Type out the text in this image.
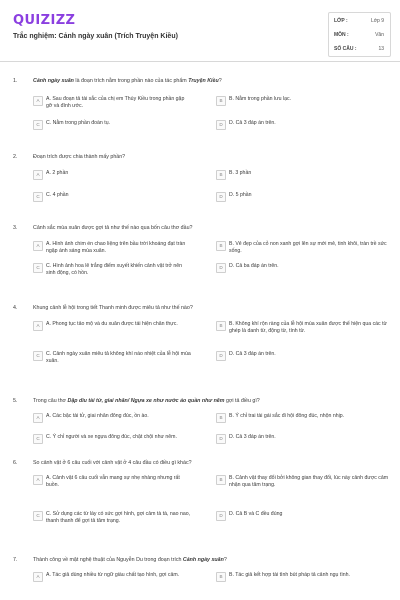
QUIZIZZ
Trắc nghiệm: Cảnh ngày xuân (Trích Truyện Kiều)
LỚP :	Lớp 9
MÔN :	Văn
SỐ CÂU :	13
1.	Cảnh ngày xuân là đoạn trích nằm trong phần nào của tác phẩm Truyện Kiều?
A	A. Sau đoạn tả tài sắc của chị em Thúy Kiều trong phần gặp gỡ và đính ước.
B	B. Nằm trong phần lưu lạc.
C	C. Nằm trong phần đoàn tụ.	D	D. Cả 3 đáp án trên.
2.	Đoạn trích được chia thành mấy phần?
A	A. 2 phần	B	B. 3 phần
C	C. 4 phần	D	D. 5 phần
3.	Cảnh sắc mùa xuân được gợi tả như thế nào qua bốn câu thơ đầu?
A	A. Hình ảnh chim én chao liệng trên bầu trời khoáng đạt tràn ngập ánh sáng mùa xuân.
B	B. Vẻ đẹp của cỏ non xanh gợi lên sự mới mẻ, tinh khôi, tràn trề sức sống.
C	C. Hình ảnh hoa lê trắng điểm xuyết khiến cảnh vật trở nên sinh động, có hồn.
D	D. Cả ba đáp án trên.
4.	Khung cảnh lễ hội trong tiết Thanh minh được miêu tả như thế nào?
A	A. Phong tục tảo mộ và du xuân được tái hiện chân thực.	B	B. Không khí rộn ràng của lễ hội mùa xuân được thể hiện qua các từ ghép là danh từ, động từ, tính từ.
C	C. Cảnh ngày xuân miêu tả không khí náo nhiệt của lễ hội mùa xuân.
D	D. Cả 3 đáp án trên.
5.	Trong câu thơ Dập dìu tài tử, giai nhân/ Ngựa xe như nước áo quần như nêm gợi tả điều gì?
A	A. Các bậc tài tử, giai nhân đông đúc, ồn ào.	B	B. Ý chỉ trai tài gái sắc đi hội đông đúc, nhộn nhịp.
C	C. Ý chỉ người và xe ngựa đông đúc, chật chội như nêm.	D	D. Cả 3 đáp án trên.
6.	So cảnh vật ở 6 câu cuối với cảnh vật ở 4 câu đầu có điều gì khác?
A	A. Cảnh vật 6 câu cuối vẫn mang sự nhẹ nhàng nhưng rất buồn.
B	B. Cảnh vật thay đổi bởi không gian thay đổi, lúc này cảnh được cảm nhận qua tâm trạng.
C	C. Sử dụng các từ láy có sức gợi hình, gợi cảm tà tà, nao nao, thanh thanh để gợi tả tâm trạng.
D	D. Cả B và C đều đúng
7.	Thành công về mặt nghệ thuật của Nguyễn Du trong đoạn trích Cảnh ngày xuân?
A	A. Tác giả dùng nhiều từ ngữ giàu chất tạo hình, gợi cảm.	B	B. Tác giả kết hợp tài tình bút pháp tả cảnh ngụ tình.
